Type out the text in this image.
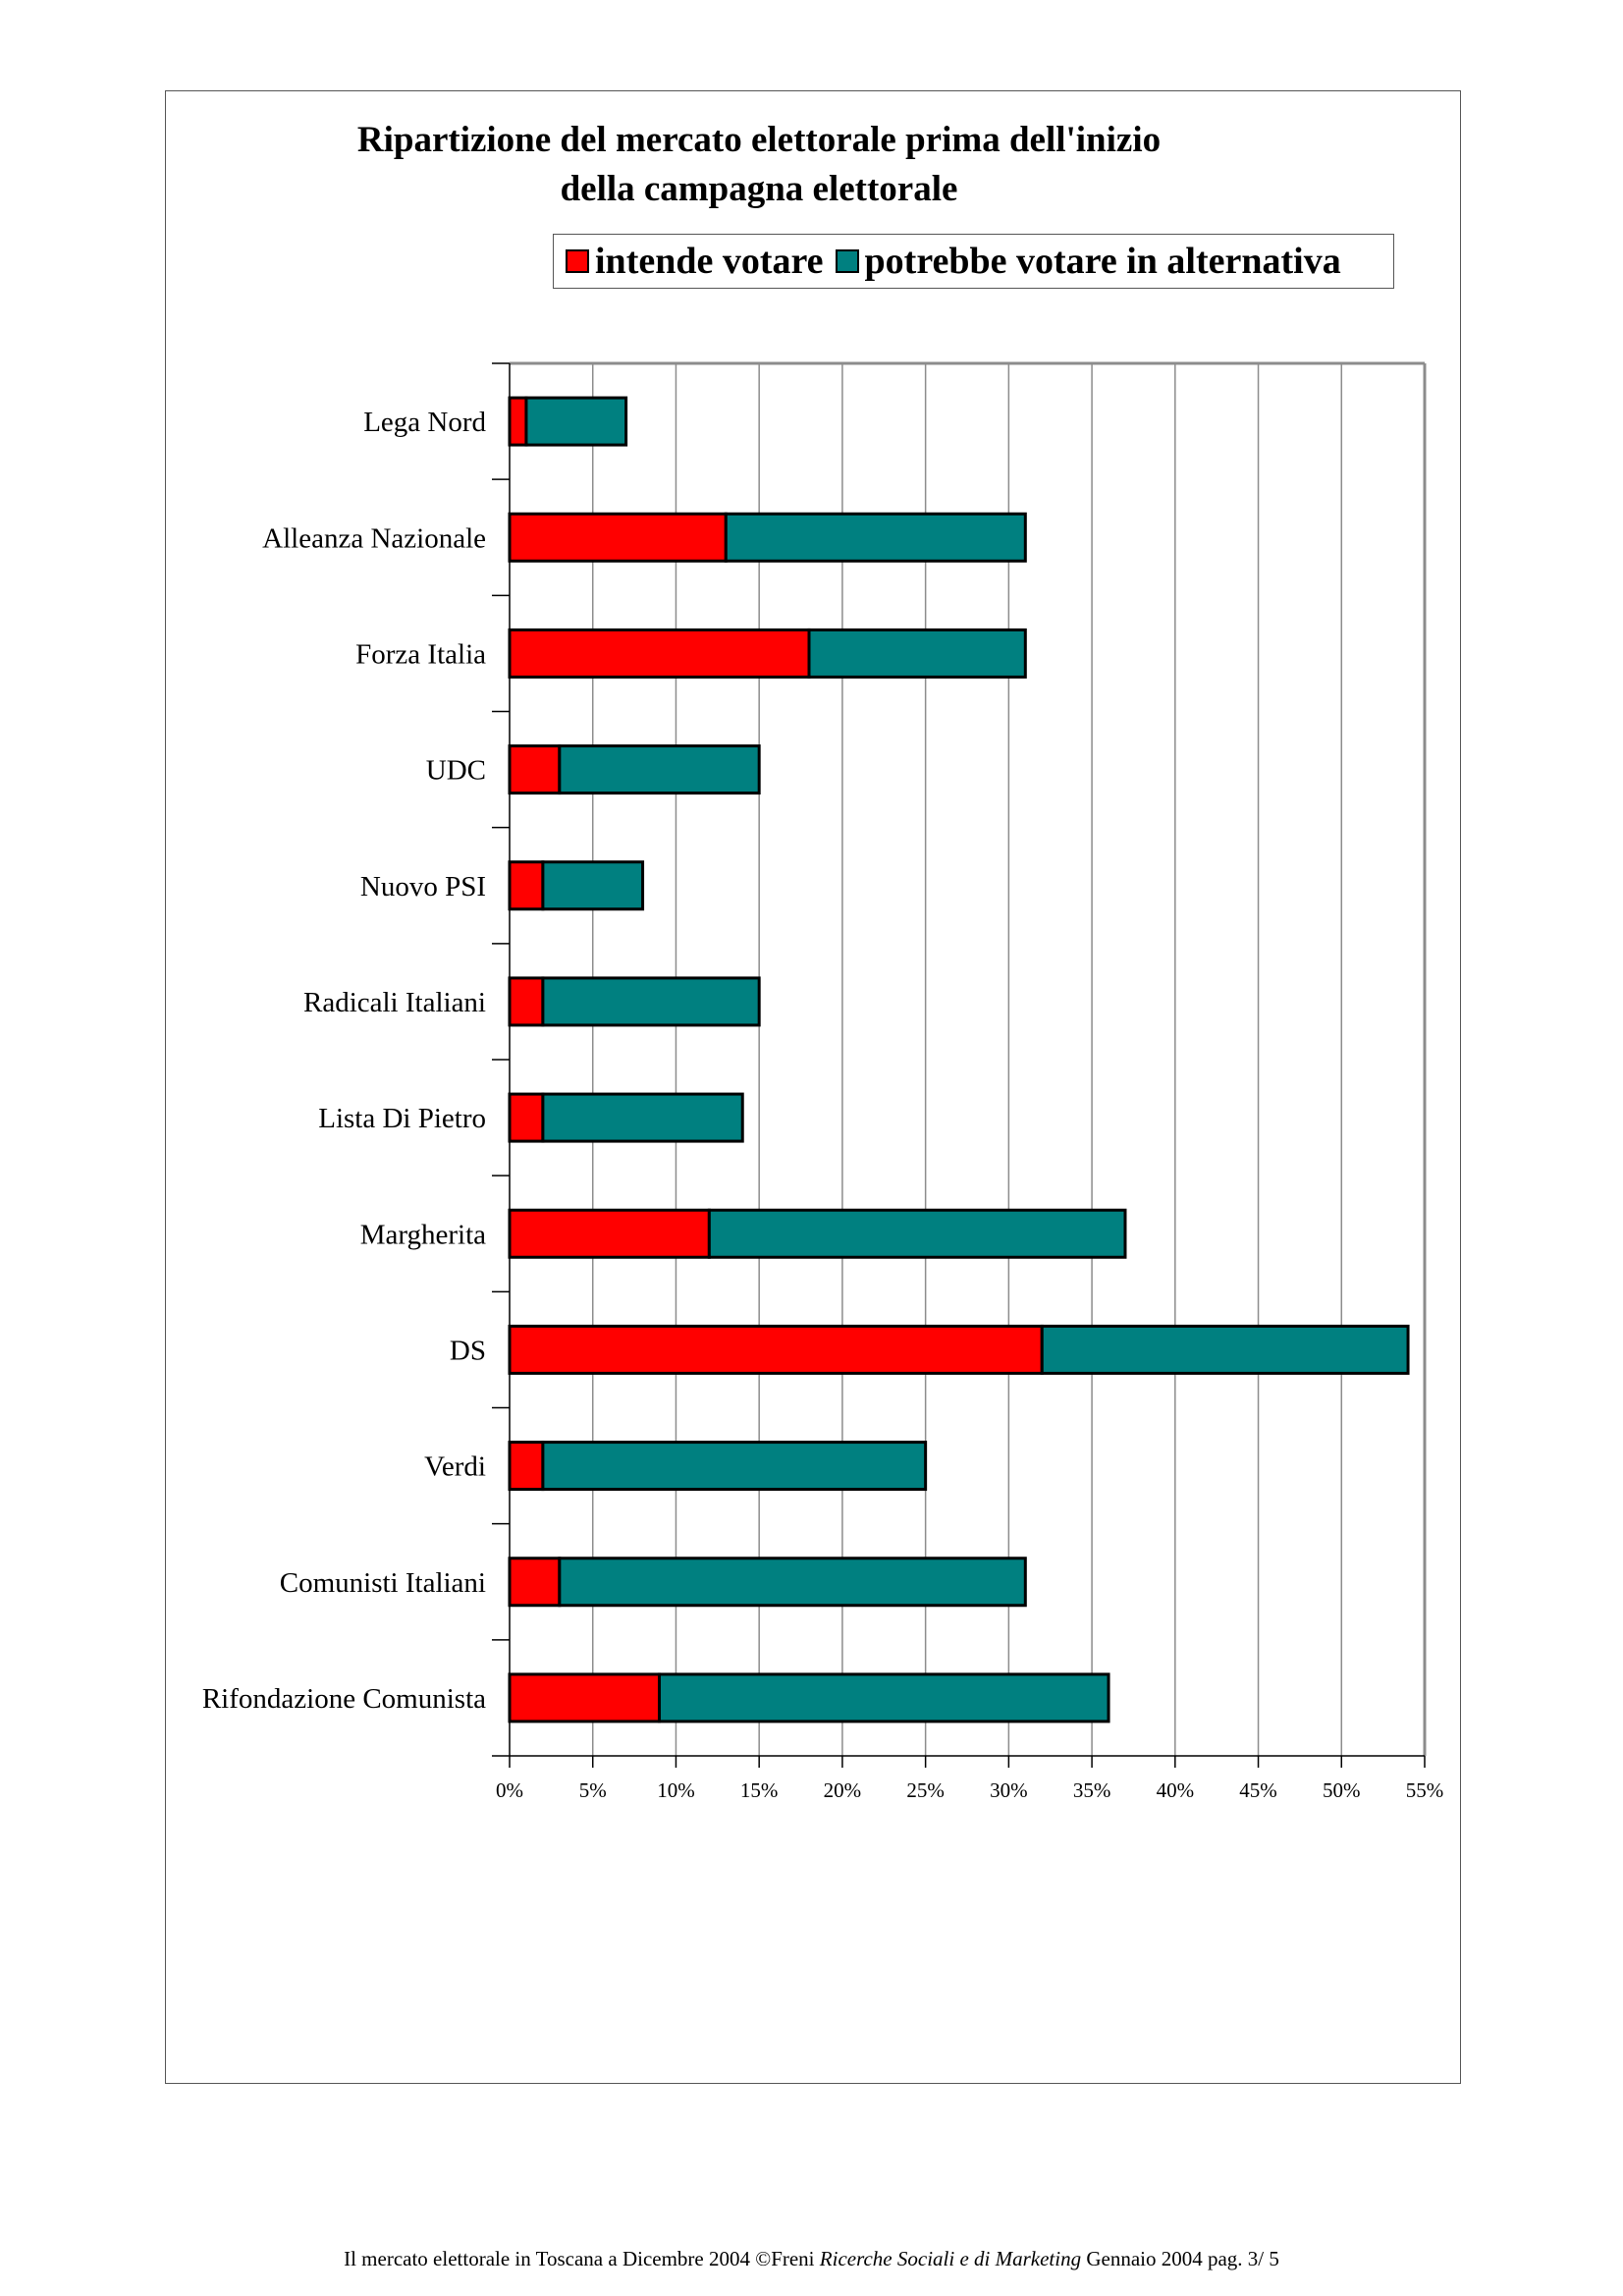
Ripartizione del mercato elettorale prima dell'inizio
della campagna elettorale
intende votare potrebbe votare in alternativa
0%	5% 10% 15% 20% 25% 30% 35% 40% 45% 50% 55%
Lega Nord
Alleanza Nazionale
Forza Italia
UDC
Nuovo PSI
Radicali Italiani
Lista Di Pietro
Margherita
DS
Verdi
Comunisti Italiani
Rifondazione Comunista
Il mercato elettorale in Toscana a Dicembre 2004 ©Freni Ricerche Sociali e di Marketing Gennaio 2004 pag. 3/ 5
